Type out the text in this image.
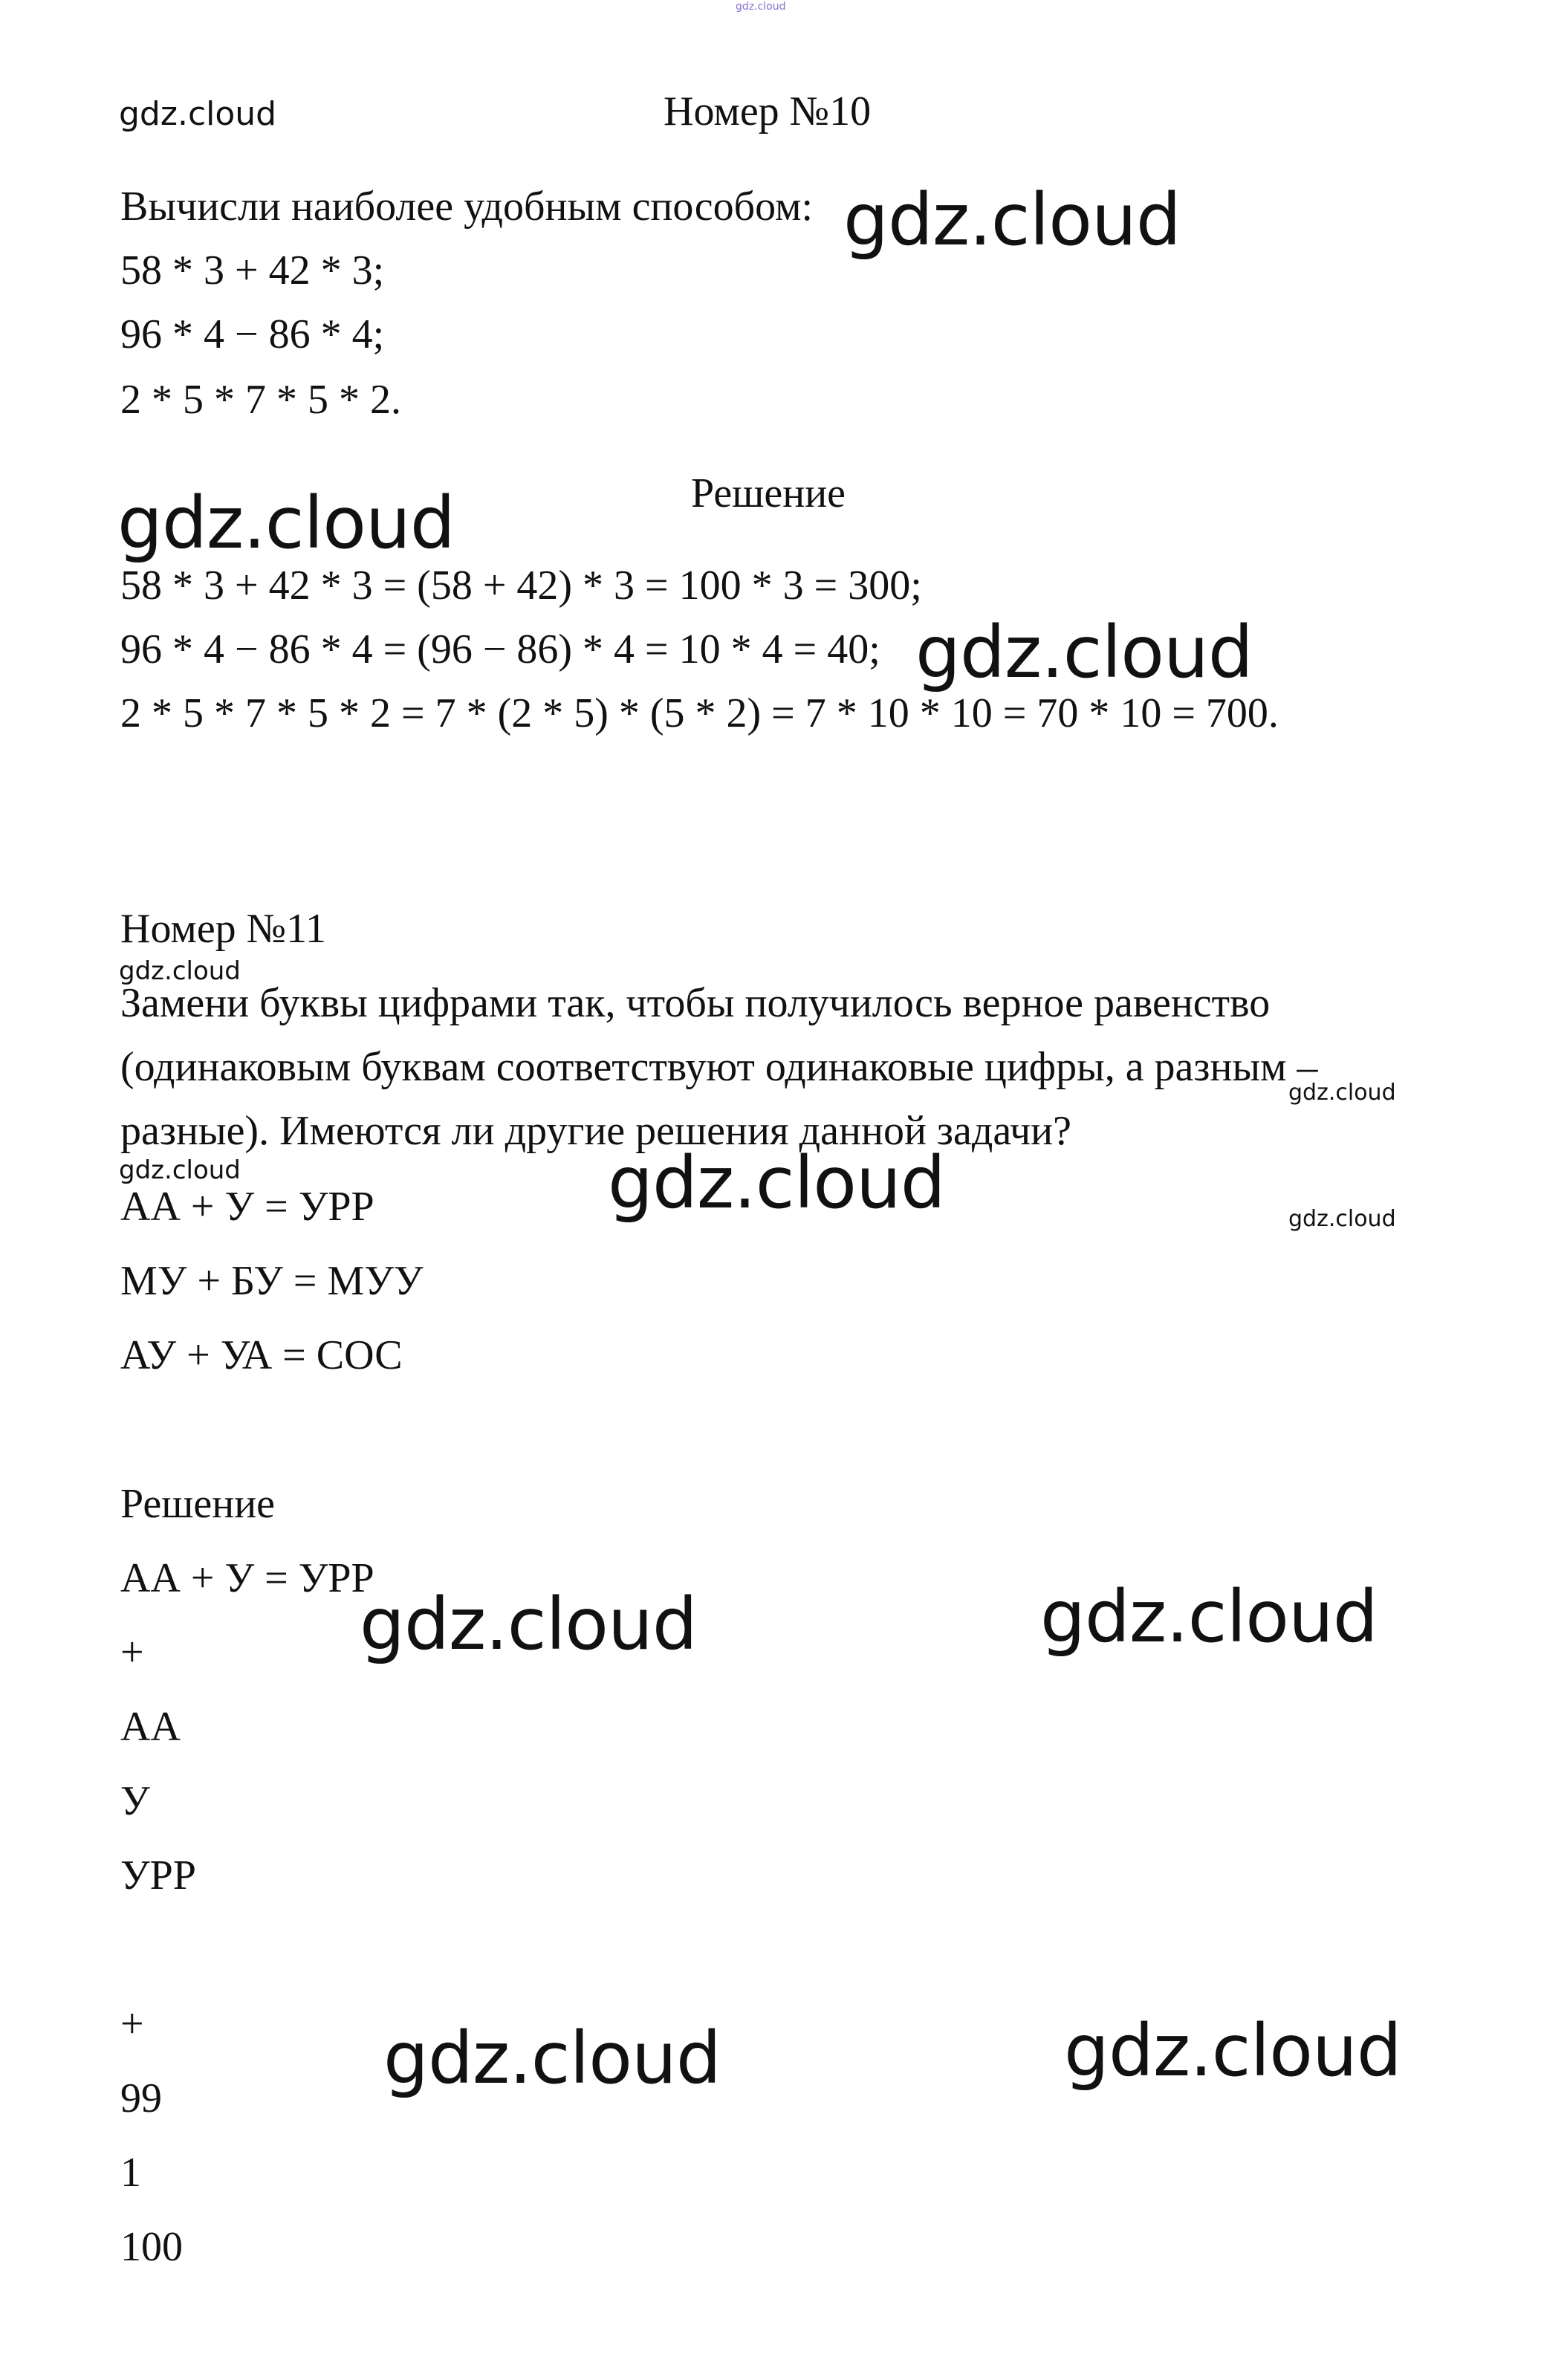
gdz.cloud

gdz.cloud	Номер №10

Вычисли наиболее удобным способом: gdz.cloud

58 * 3 + 42 * 3;

96 * 4 − 86 * 4;

2 * 5 * 7 * 5 * 2.

Решение

gdz.cloud

58 * 3 + 42 * 3 = (58 + 42) * 3 = 100 * 3 = 300;

96 * 4 − 86 * 4 = (96 − 86) * 4 = 10 * 4 = 40; gdz.cloud

2 * 5 * 7 * 5 * 2 = 7 * (2 * 5) * (5 * 2) = 7 * 10 * 10 = 70 * 10 = 700.

Номер №11

gdz.cloud

Замени буквы цифрами так, чтобы получилось верное равенство

(одинаковым буквам соответствуют одинаковые цифры, а разным –

gdz.cloud

разные). Имеются ли другие решения данной задачи?

gdz.cloud	gdz.cloud	gdz.cloud

АА + У = УРР

МУ + БУ = МУУ

АУ + УА = СОС

Решение

АА + У = УРР

gdz.cloud	gdz.cloud

+

АА

У

УРР

+	gdz.cloud	gdz.cloud

99

1

100
